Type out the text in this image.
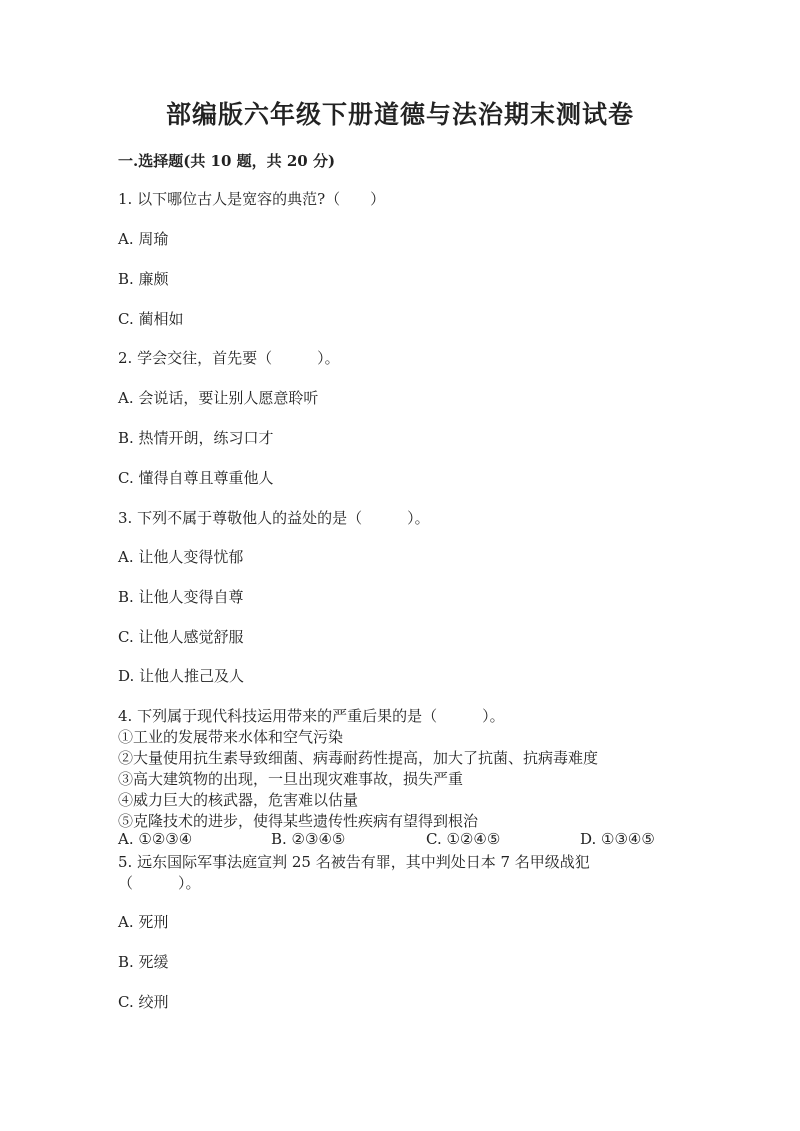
部编版六年级下册道德与法治期末测试卷
一.选择题(共 10 题，共 20 分)
1. 以下哪位古人是宽容的典范?（　　）
A. 周瑜
B. 廉颇
C. 蔺相如
2. 学会交往，首先要（　　　）。
A. 会说话，要让别人愿意聆听
B. 热情开朗，练习口才
C. 懂得自尊且尊重他人
3. 下列不属于尊敬他人的益处的是（　　　）。
A. 让他人变得忧郁
B. 让他人变得自尊
C. 让他人感觉舒服
D. 让他人推己及人
4. 下列属于现代科技运用带来的严重后果的是（　　　）。
①工业的发展带来水体和空气污染
②大量使用抗生素导致细菌、病毒耐药性提高，加大了抗菌、抗病毒难度
③高大建筑物的出现，一旦出现灾难事故，损失严重
④威力巨大的核武器，危害难以估量
⑤克隆技术的进步，使得某些遗传性疾病有望得到根治
A. ①②③④	B. ②③④⑤	C. ①②④⑤	D. ①③④⑤
5. 远东国际军事法庭宣判 25 名被告有罪，其中判处日本 7 名甲级战犯
（　　　）。
A. 死刑
B. 死缓
C. 绞刑
